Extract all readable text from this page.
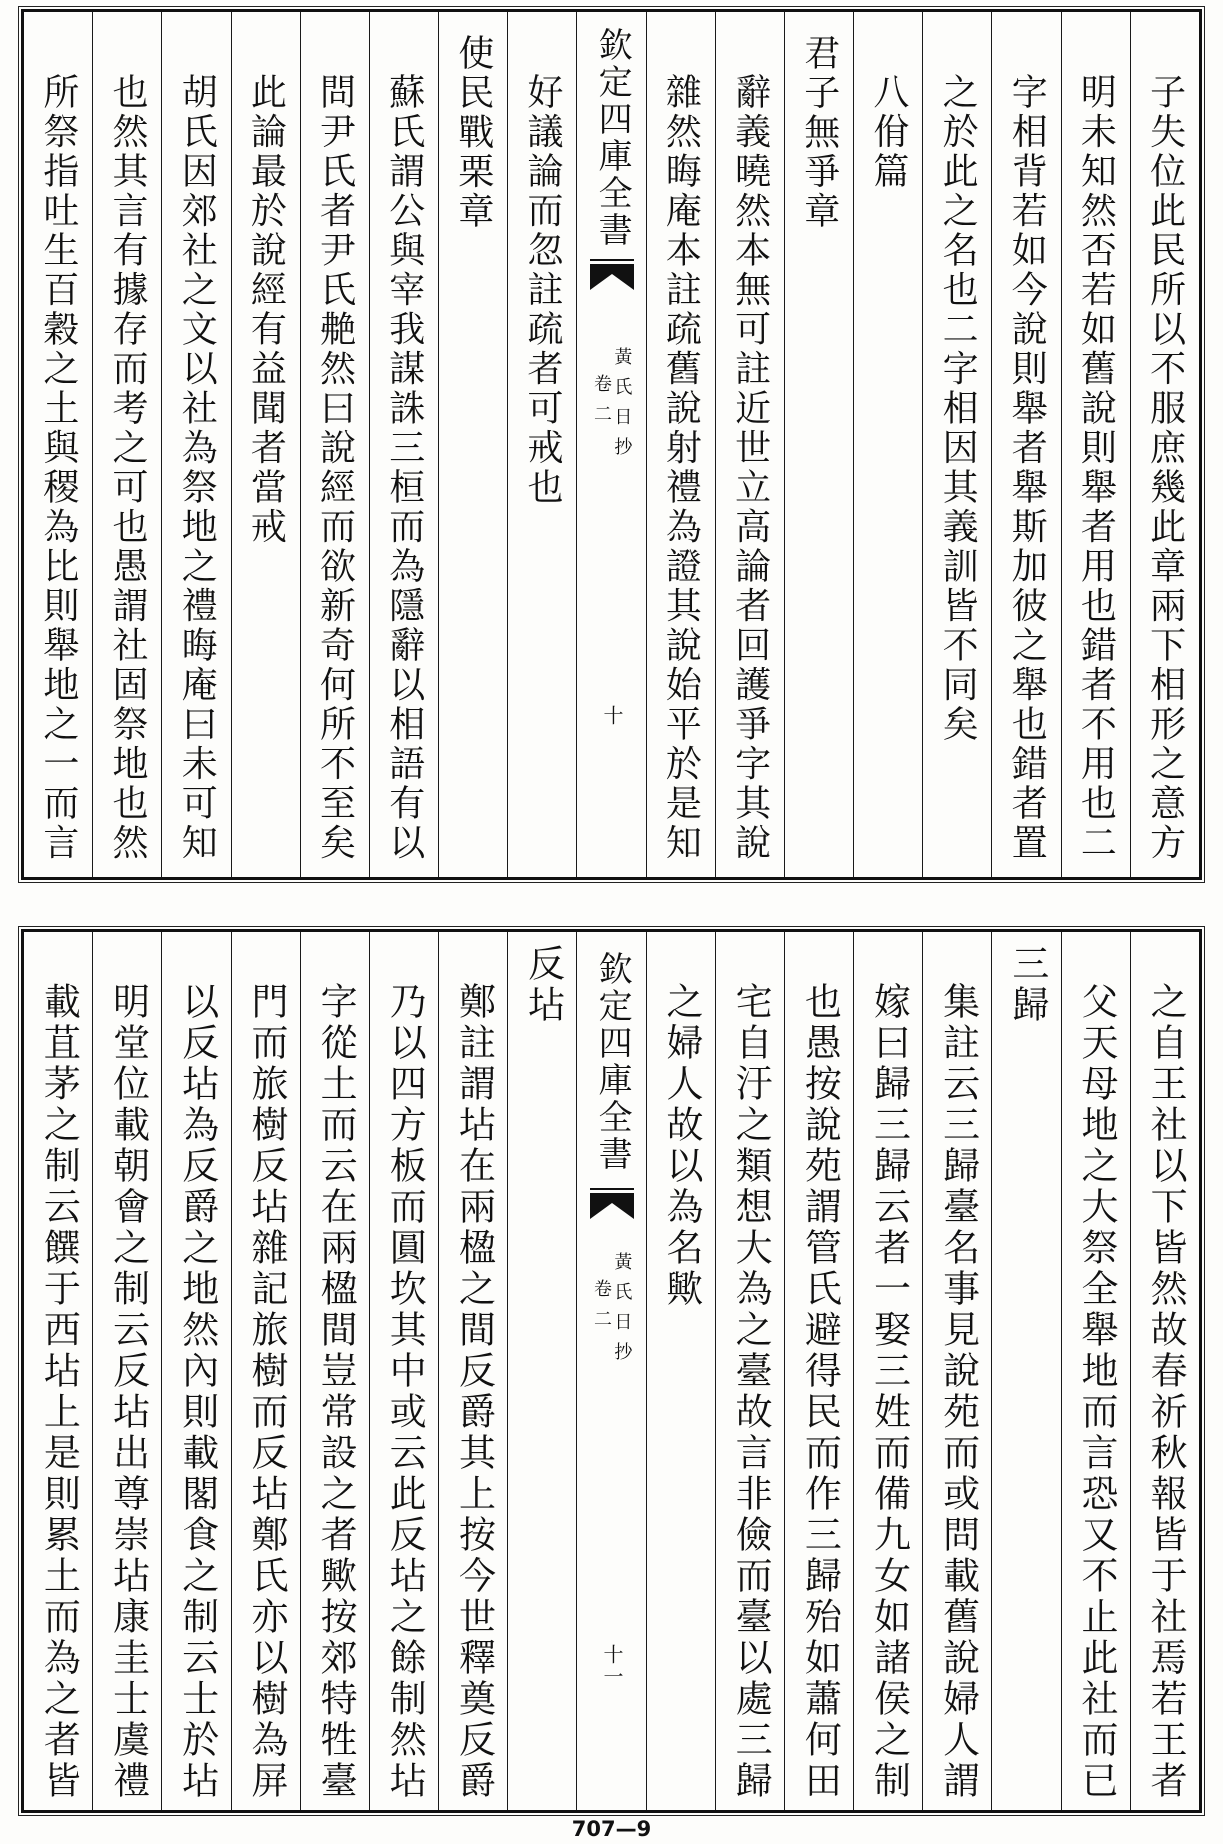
子失位此民所以不服庶幾此章兩下相形之意方
明未知然否若如舊說則舉者用也錯者不用也二
字相背若如今說則舉者舉斯加彼之舉也錯者置
之於此之名也二字相因其義訓皆不同矣
八佾篇
君子無爭章
辭義曉然本無可註近世立高論者回護爭字其說
雜然晦庵本註疏舊說射禮為證其說始平於是知
欽定四庫全書
黃氏日抄
卷二
十
好議論而忽註疏者可戒也
使民戰栗章
蘇氏謂公與宰我謀誅三桓而為隱辭以相語有以
問尹氏者尹氏艴然曰說經而欲新奇何所不至矣
此論最於說經有益聞者當戒
胡氏因郊社之文以社為祭地之禮晦庵曰未可知
也然其言有據存而考之可也愚謂社固祭地也然
所祭指吐生百穀之土與稷為比則舉地之一而言
之自王社以下皆然故春祈秋報皆于社焉若王者
父天母地之大祭全舉地而言恐又不止此社而已
三歸
集註云三歸臺名事見說苑而或問載舊說婦人謂
嫁曰歸三歸云者一娶三姓而備九女如諸侯之制
也愚按說苑謂管氏避得民而作三歸殆如蕭何田
宅自汙之類想大為之臺故言非儉而臺以處三歸
之婦人故以為名歟
欽定四庫全書
黃氏日抄
卷二
十一
反坫
鄭註謂坫在兩楹之間反爵其上按今世釋奠反爵
乃以四方板而圓坎其中或云此反坫之餘制然坫
字從土而云在兩楹間豈常設之者歟按郊特牲臺
門而旅樹反坫雜記旅樹而反坫鄭氏亦以樹為屏
以反坫為反爵之地然內則載閣食之制云士於坫
明堂位載朝會之制云反坫出尊崇坫康圭士虞禮
載苴茅之制云饌于西坫上是則累土而為之者皆
707—9
